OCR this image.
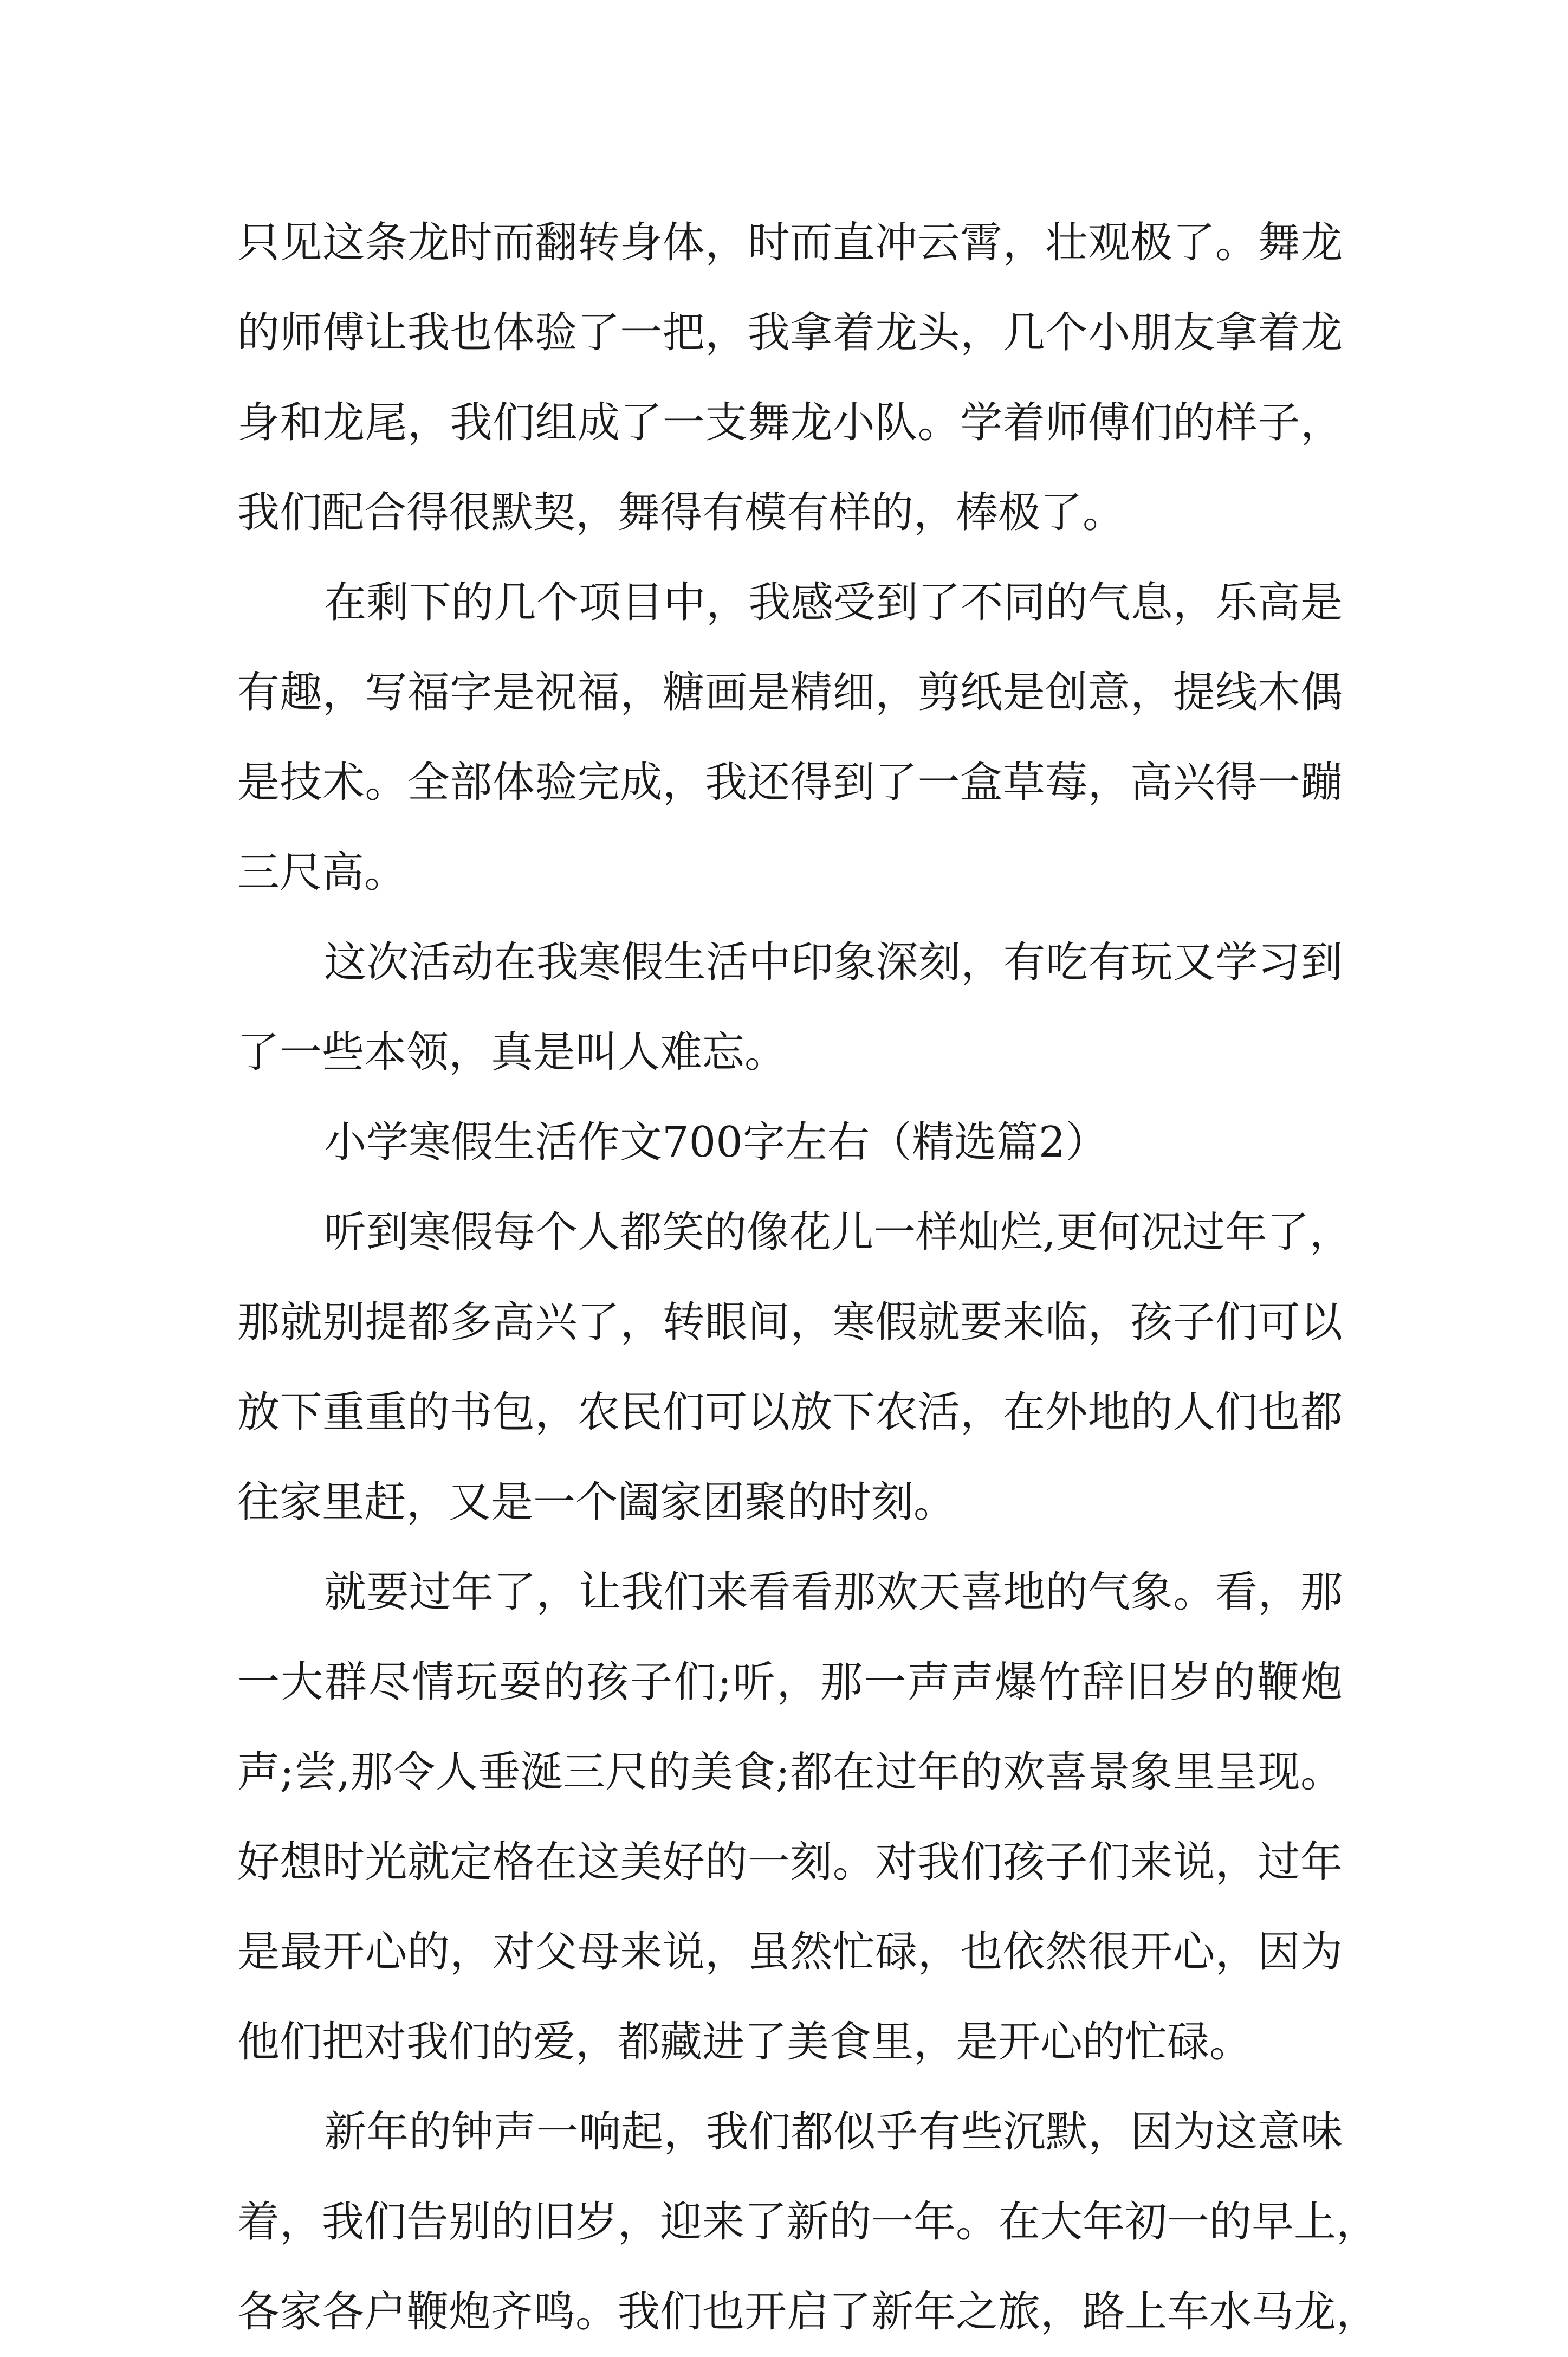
只见这条龙时而翻转身体，时而直冲云霄，壮观极了。舞龙
的师傅让我也体验了一把，我拿着龙头，几个小朋友拿着龙
身和龙尾，我们组成了一支舞龙小队。学着师傅们的样子，
我们配合得很默契，舞得有模有样的，棒极了。
在剩下的几个项目中，我感受到了不同的气息，乐高是
有趣，写福字是祝福，糖画是精细，剪纸是创意，提线木偶
是技术。全部体验完成，我还得到了一盒草莓，高兴得一蹦
三尺高。
这次活动在我寒假生活中印象深刻，有吃有玩又学习到
了一些本领，真是叫人难忘。
小学寒假生活作文700字左右（精选篇2）
听到寒假每个人都笑的像花儿一样灿烂,更何况过年了，
那就别提都多高兴了，转眼间，寒假就要来临，孩子们可以
放下重重的书包，农民们可以放下农活，在外地的人们也都
往家里赶，又是一个阖家团聚的时刻。
就要过年了，让我们来看看那欢天喜地的气象。看，那
一大群尽情玩耍的孩子们;听，那一声声爆竹辞旧岁的鞭炮
声;尝,那令人垂涎三尺的美食;都在过年的欢喜景象里呈现。
好想时光就定格在这美好的一刻。对我们孩子们来说，过年
是最开心的，对父母来说，虽然忙碌，也依然很开心，因为
他们把对我们的爱，都藏进了美食里，是开心的忙碌。
新年的钟声一响起，我们都似乎有些沉默，因为这意味
着，我们告别的旧岁，迎来了新的一年。在大年初一的早上，
各家各户鞭炮齐鸣。我们也开启了新年之旅，路上车水马龙，
